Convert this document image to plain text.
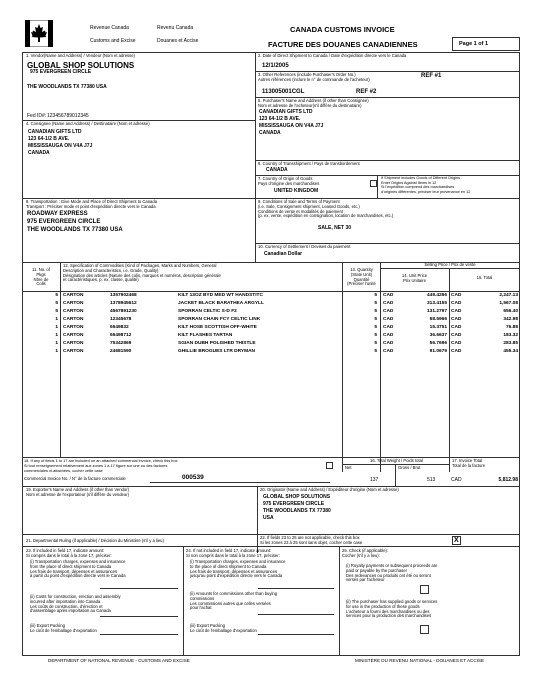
Revenue Canada	Revenu Canada
Customs and Excise	Douanes et Accise
CANADA CUSTOMS INVOICE
FACTURE DES DOUANES CANADIENNES	Page 1 of 1
1. Vendor(Name and Address) / Vendeur (Nom et adresse)
GLOBAL SHOP SOLUTIONS
975 EVERGREEN CIRCLE
THE WOODLANDS TX 77380 USA
Fed ID#: 123456789012345
2. Date of Direct Shipment to Canada / Date d'expédition directe vers le Canada
12/1/2005
3. Other References (include Purchaser's Order No.)
Autres références (inclure le n° de commande de l'acheteur)
REF #1
113005001CGL	REF #2
4. Consignee (Name and Address) / Destinataire (Nom et adresse)
CANADIAN GIFTS LTD
123 64-1/2 B AVE.
MISSISSAUGA ON V4A J7J
CANADA
5. Purchaser's Name and Address (if other than Consignee)
Nom et adresse de l'acheteur(s'il diffère du destinataire)
CANADIAN GIFTS LTD
123 64-1/2 B AVE.
MISSISSAUGA ON V4A J7J
CANADA
6. Country of Transshipment / Pays de transbordement
CANADA
7. Country of Origin of Goods
Pays d'origine des marchandises
UNITED KINGDOM
If Shipment includes Goods of Different Origins
Enter Origins Against Items in 12
Si l'expédition comprend des marchandises
d'origines différentes, préciser leur provenance en 12
8. Transportation : Give Mode and Place of Direct Shipment to Canada
Transport : Préciser mode et point d'expédition directe vers le Canada
ROADWAY EXPRESS
975 EVERGREEN CIRCLE
THE WOODLANDS TX 77380 USA
9. Conditions of Sale and Terms of Payment
(i.e. Sale, Consignment shipment, Leased Goods, etc.)
Conditions de vente et modalités de paiement
(p. ex. vente, expédition en consignation, location de marchandises, etc.)
SALE, NET 30
10. Currency of Settlement / Devises du paiement
Canadian Dollar
11. No. of
Pkgs
Nbre de
Colis
12. Specification of Commodities (Kind of Packages, Marks and Numbers, General
Description and Characteristics, i.e. Grade, Quality)
Désignation des articles (Nature des colis, marques et numéros, description générale
et caractéristiques, p. ex. classe, qualité)
13. Quantity
(State Unit)
Quantité
(Préciser l'unité
Selling Price / Prix de vente
14. Unit Price
Prix Unitaire
15. Total
5 CARTON	1357902468	KILT 13OZ BYD MED WT HANDSTITC	5 CAD	449.4266 CAD	2,247.13
5 CARTON	1378945612	JACKET BLACK BARATHEA ARGYLL	5 CAD	313.4155 CAD	1,567.08
5 CARTON	4567891230	SPORRAN CELTIC S-D F2	5 CAD	131.2797 CAD	656.40
1 CARTON	12345678	SPORRAN CHAIN FCY CELTIC LINK	5 CAD	68.5966 CAD	342.98
1 CARTON	6549832	KILT HOSE SCOTTISH OFF-WHITE	5 CAD	15.3751 CAD	76.88
1 CARTON	65498712	KILT FLASHES TARTAN	5 CAD	36.6637 CAD	183.32
1 CARTON	75342869	SGIAN DUBH POLISHED THISTLE	5 CAD	56.7696 CAD	283.85
1 CARTON	24681590	GHILLIE BROGUES LTR DRYMAN	5 CAD	91.0679 CAD	455.34
18. If any of fields 1 to 17 are included on an attached commercial invoice, check this box
Si tout renseignement relativement aux zones 1 à 17 figure sur une ou des factures
commerciales ci-attachées, cocher cette case
Commercial Invoice No. / N° de la facture commerciale	000539
16. Total Weight / Poids total
Net	Gross / Brut
137	513
17. Invoice Total
Total de la facture
CAD	5,812.98
19. Exporter's Name and Address (if other than Vendor)
Nom et adresse de l'exportateur (s'il diffère du vendeur)
20. Originator (Name and Address) / Expéditeur d'origine (Nom et adresse)
GLOBAL SHOP SOLUTIONS
975 EVERGREEN CIRCLE
THE WOODLANDS TX 77380
USA
21. Departmental Ruling (if applicable) / Décision du Ministère (s'il y a lieu)
22. If fields 23 to 25 are not applicable, check this box
Si les zones 23 à 25 sont sans objet, cocher cette case	X
23. If included in field 17, indicate amount:
Si compris dans le total à la zone 17, préciser:
(i) Transportation charges, expenses and insurance
from the place of direct shipment to Canada
Les frais de transport, dépenses et assurances
à partir du point d'expédition directe vers le Canada
(ii) Costs for construction, erection and assembly
incurred after importation into Canada
Les coûts de construction, d'érection et
d'assemblage après importation au Canada
(iii) Export Packing
Le coût de l'emballage d'exportation
24. If not included in field 17, indicate amount:
Si non compris dans le total à la zone 17, préciser:
(i) Transportation charges, expenses and insurance
to the place of direct shipment to Canada
Les frais de transport, dépenses et assurances
jusqu'au point d'expédition directe vers le Canada
(ii) Amounts for commissions other than buying
commissions
Les commissions autres que celles versées
pour l'achat
(iii) Export Packing
Le coût de l'emballage d'exportation
25. Check (if applicable):
Cocher (s'il y a lieu):
(i) Royalty payments or subsequent proceeds are
paid or payable by the purchaser
Des redevances ou produits ont été ou seront
versés par l'acheteur
(ii) The purchaser has supplied goods or services
for use in the production of these goods
L'acheteur a fourni des marchandises ou des
services pour la production des marchandises
DEPARTMENT OF NATIONAL REVENUE - CUSTOMS AND EXCISE	MINISTÈRE DU REVENU NATIONAL - DOUANES ET ACCISE
